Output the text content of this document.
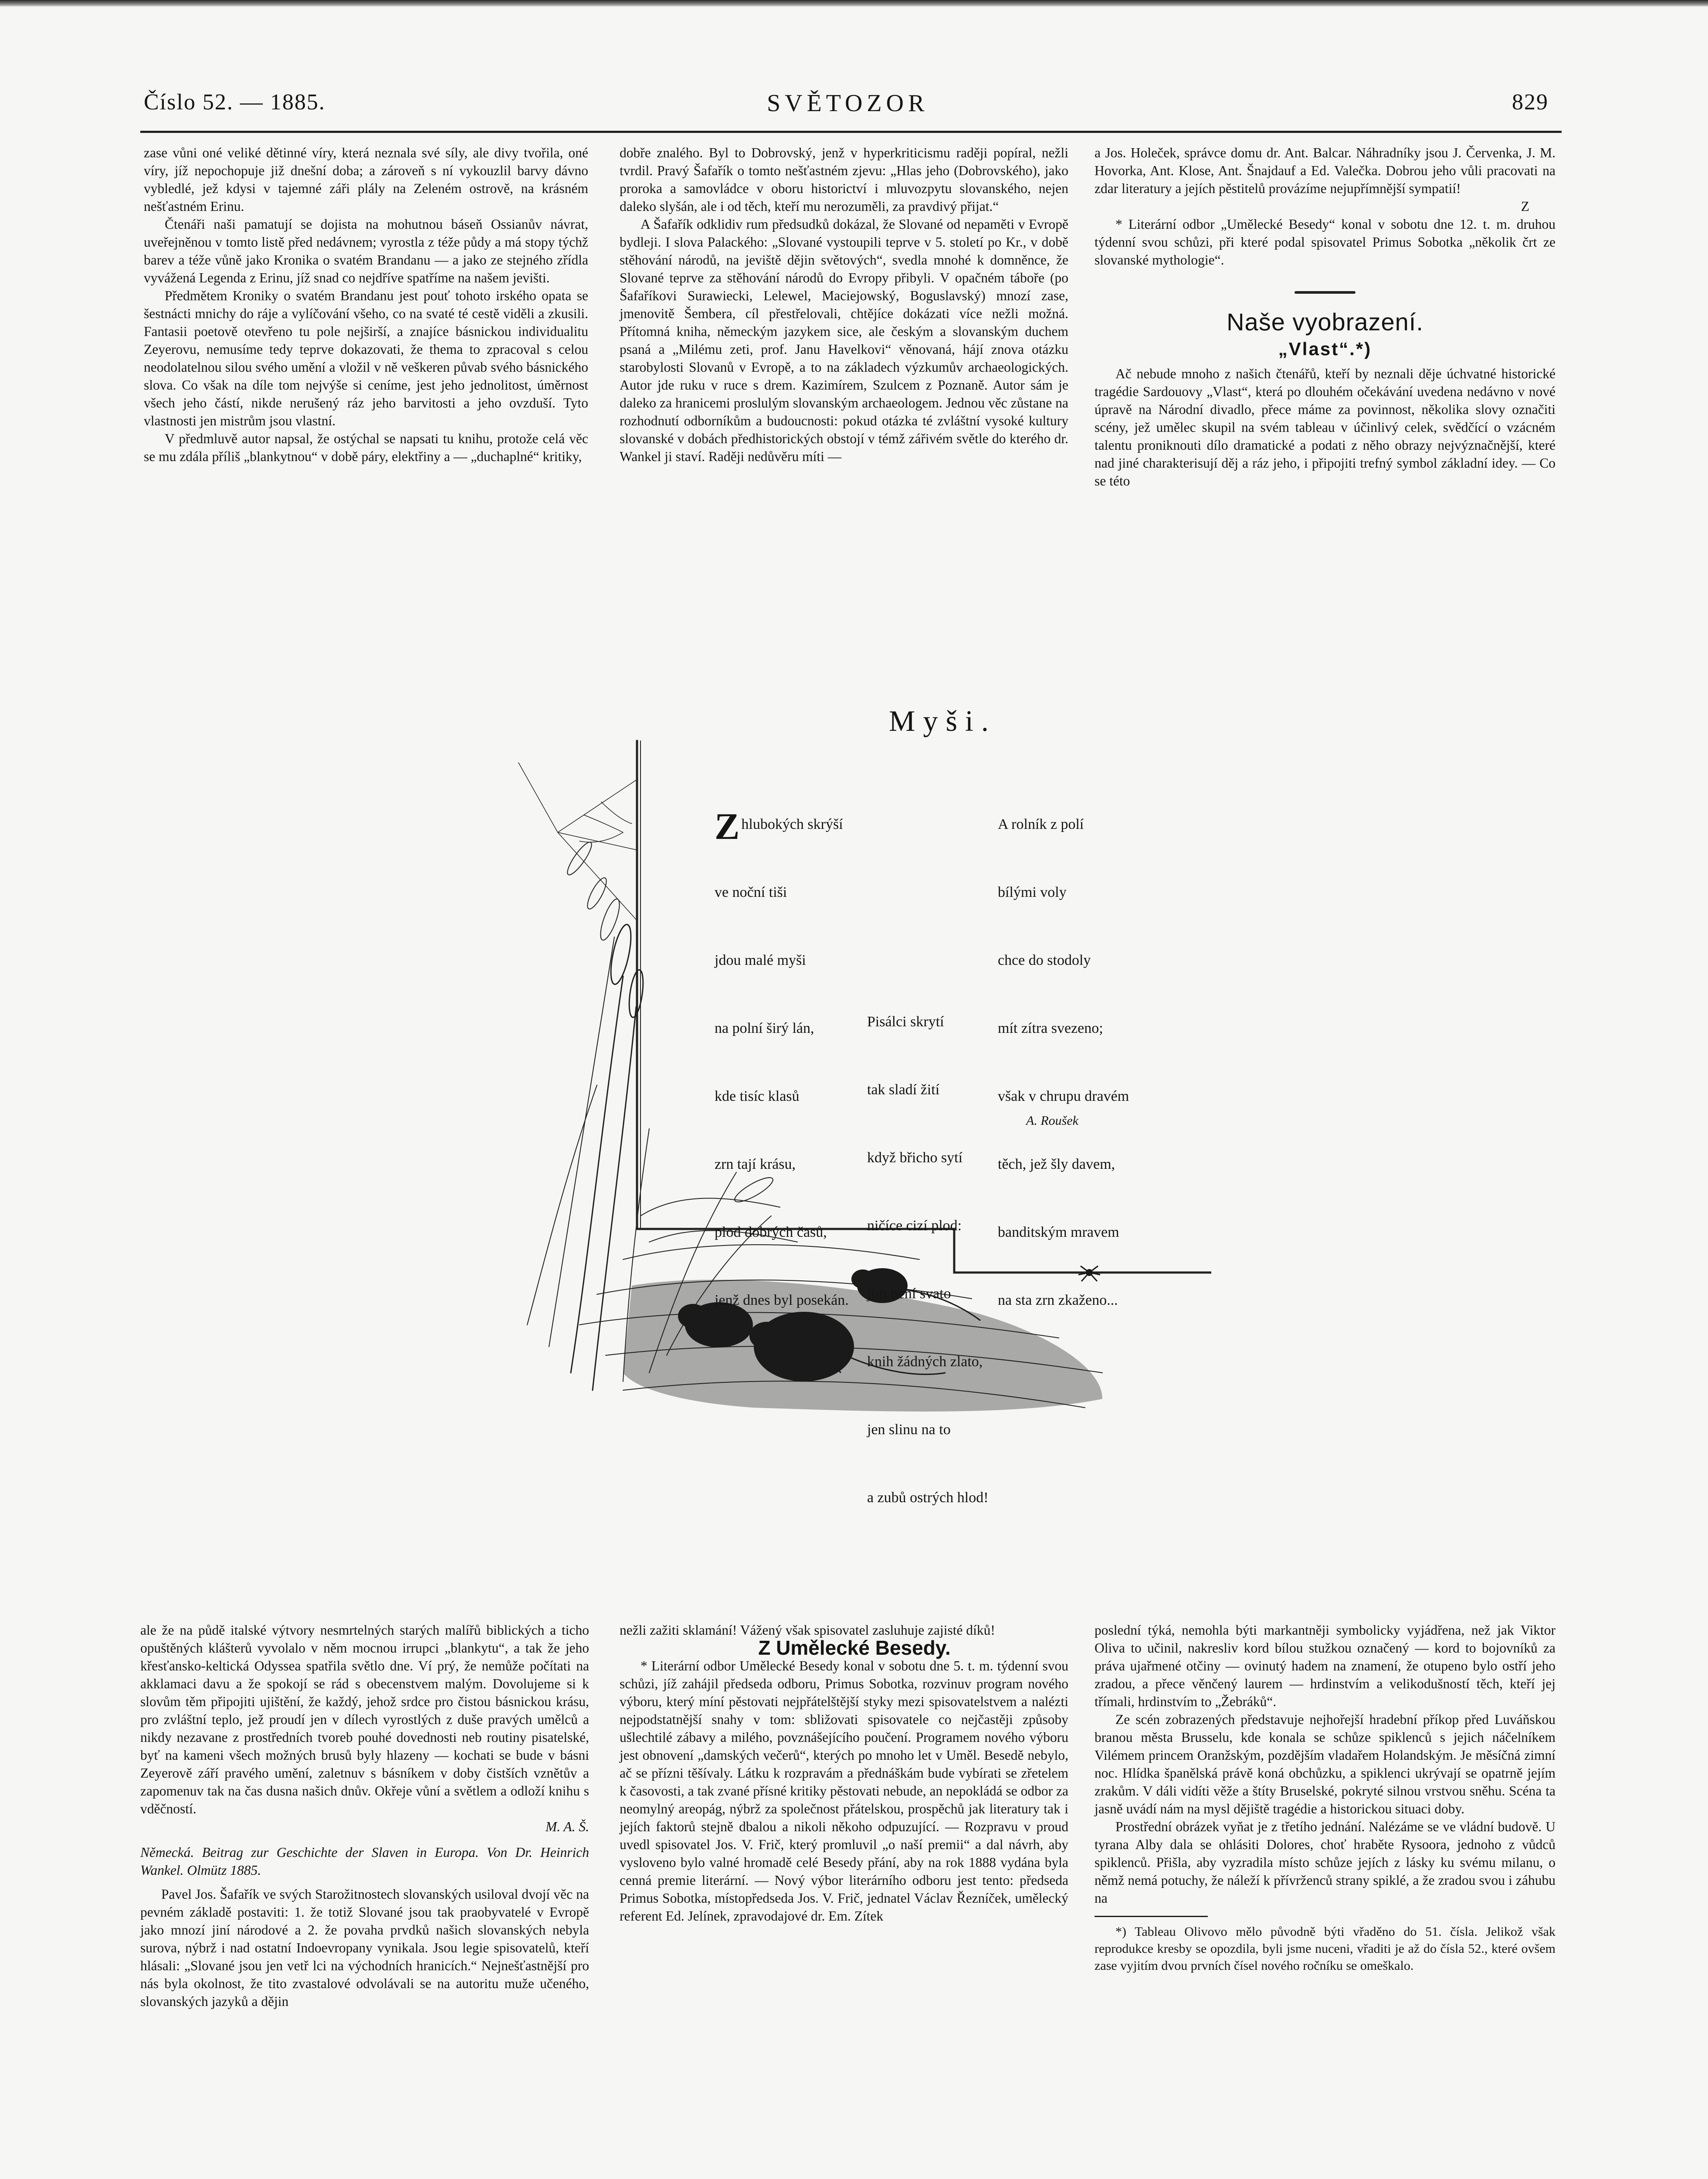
Číslo 52. — 1885.	SVĚTOZOR	829

zase vůni oné veliké dětinné víry, která neznala své síly, ale divy tvořila, oné víry, jíž nepochopuje již dnešní doba; a zároveň s ní vykouzlil barvy dávno vybledlé, jež kdysi v tajemné záři plály na Zeleném ostrově, na krásném nešťastném Erinu.

Čtenáři naši pamatují se dojista na mohutnou báseň Ossianův návrat, uveřejněnou v tomto listě před nedávnem; vyrostla z téže půdy a má stopy týchž barev a téže vůně jako Kronika o svatém Brandanu — a jako ze stejného zřídla vyvážená Legenda z Erinu, jíž snad co nejdříve spatříme na našem jevišti.

Předmětem Kroniky o svatém Brandanu jest pouť tohoto irského opata se šestnácti mnichy do ráje a vylíčování všeho, co na svaté té cestě viděli a zkusili. Fantasii poetově otevřeno tu pole nejširší, a znajíce básnickou individualitu Zeyerovu, nemusíme tedy teprve dokazovati, že thema to zpracoval s celou neodolatelnou silou svého umění a vložil v ně veškeren půvab svého básnického slova. Co však na díle tom nejvýše si ceníme, jest jeho jednolitost, úměrnost všech jeho částí, nikde nerušený ráz jeho barvitosti a jeho ovzduší. Tyto vlastnosti jen mistrům jsou vlastní.

V předmluvě autor napsal, že ostýchal se napsati tu knihu, protože celá věc se mu zdála příliš „blankytnou“ v době páry, elektřiny a — „duchaplné“ kritiky,

dobře znalého. Byl to Dobrovský, jenž v hyperkriticismu raději popíral, nežli tvrdil. Pravý Šafařík o tomto nešťastném zjevu: „Hlas jeho (Dobrovského), jako proroka a samovládce v oboru historictví i mluvozpytu slovanského, nejen daleko slyšán, ale i od těch, kteří mu nerozuměli, za pravdivý přijat.“

A Šafařík odklidiv rum předsudků dokázal, že Slované od nepaměti v Evropě bydleji. I slova Palackého: „Slované vystoupili teprve v 5. století po Kr., v době stěhování národů, na jeviště dějin světových“, svedla mnohé k domněnce, že Slované teprve za stěhování národů do Evropy přibyli. V opačném táboře (po Šafaříkovi Surawiecki, Lelewel, Maciejowský, Boguslavský) mnozí zase, jmenovitě Šembera, cíl přestřelovali, chtějíce dokázati více nežli možná. Přítomná kniha, německým jazykem sice, ale českým a slovanským duchem psaná a „Milému zeti, prof. Janu Havelkovi“ věnovaná, hájí znova otázku starobylosti Slovanů v Evropě, a to na základech výzkumův archaeologických. Autor jde ruku v ruce s drem. Kazimírem, Szulcem z Poznaně. Autor sám je daleko za hranicemi proslulým slovanským archaeologem. Jednou věc zůstane na rozhodnutí odborníkům a budoucnosti: pokud otázka té zvláštní vysoké kultury slovanské v dobách předhistorických obstojí v témž zářivém světle do kterého dr. Wankel ji staví. Raději nedůvěru míti —

a Jos. Holeček, správce domu dr. Ant. Balcar. Náhradníky jsou J. Červenka, J. M. Hovorka, Ant. Klose, Ant. Šnajdauf a Ed. Valečka. Dobrou jeho vůli pracovati na zdar literatury a jejích pěstitelů provázíme nejupřímnější sympatií!

Z

* Literární odbor „Umělecké Besedy“ konal v sobotu dne 12. t. m. druhou týdenní svou schůzi, při které podal spisovatel Primus Sobotka „několik črt ze slovanské mythologie“.

Naše vyobrazení.

„Vlast“.*)

Ač nebude mnoho z našich čtenářů, kteří by neznali děje úchvatné historické tragédie Sardouovy „Vlast“, která po dlouhém očekávání uvedena nedávno v nové úpravě na Národní divadlo, přece máme za povinnost, několika slovy označiti scény, jež umělec skupil na svém tableau v účinlivý celek, svědčící o vzácném talentu proniknouti dílo dramatické a podati z něho obrazy nejvýznačnější, které nad jiné charakterisují děj a ráz jeho, i připojiti trefný symbol základní idey. — Co se této

Myši.

Zhlubokých skrýší

ve noční tiši

jdou malé myši

na polní širý lán,

kde tisíc klasů

zrn tají krásu,

plod dobrých časů,

jenž dnes byl posekán.

A rolník z polí

bílými voly

chce do stodoly

mít zítra svezeno;

však v chrupu dravém

těch, jež šly davem,

banditským mravem

na sta zrn zkaženo...

Pisálci skrytí

tak sladí žití

když břicho sytí

ničíce cizí plod:

jim není svato

knih žádných zlato,

jen slinu na to

a zubů ostrých hlod!

A. Roušek

ale že na půdě italské výtvory nesmrtelných starých malířů biblických a ticho opuštěných klášterů vyvolalo v něm mocnou irrupci „blankytu“, a tak že jeho křesťansko-keltická Odyssea spatřila světlo dne. Ví prý, že nemůže počítati na akklamaci davu a že spokojí se rád s obecenstvem malým. Dovolujeme si k slovům těm připojiti ujištění, že každý, jehož srdce pro čistou básnickou krásu, pro zvláštní teplo, jež proudí jen v dílech vyrostlých z duše pravých umělců a nikdy nezavane z prostředních tvoreb pouhé dovednosti neb routiny pisatelské, byť na kameni všech možných brusů byly hlazeny — kochati se bude v básni Zeyerově září pravého umění, zaletnuv s básníkem v doby čistších vznětův a zapomenuv tak na čas dusna našich dnův. Okřeje vůní a světlem a odloží knihu s vděčností.

M. A. Š.

Německá. Beitrag zur Geschichte der Slaven in Europa. Von Dr. Heinrich Wankel. Olmütz 1885.

Pavel Jos. Šafařík ve svých Starožitnostech slovanských usiloval dvojí věc na pevném základě postaviti: 1. že totiž Slované jsou tak praobyvatelé v Evropě jako mnozí jiní národové a 2. že povaha prvdků našich slovanských nebyla surova, nýbrž i nad ostatní Indoevropany vynikala. Jsou legie spisovatelů, kteří hlásali: „Slované jsou jen vetř lci na východních hranicích.“ Nejnešťastnější pro nás byla okolnost, že tito zvastalové odvolávali se na autoritu muže učeného, slovanských jazyků a dějin

nežli zažiti sklamání! Vážený však spisovatel zasluhuje zajisté díků!

Z Umělecké Besedy.

* Literární odbor Umělecké Besedy konal v sobotu dne 5. t. m. týdenní svou schůzi, jíž zahájil předseda odboru, Primus Sobotka, rozvinuv program nového výboru, který míní pěstovati nejpřátelštější styky mezi spisovatelstvem a nalézti nejpodstatnější snahy v tom: sbližovati spisovatele co nejčastěji způsoby ušlechtilé zábavy a milého, povznášejícího poučení. Programem nového výboru jest obnovení „damských večerů“, kterých po mnoho let v Uměl. Besedě nebylo, ač se přízni těšívaly. Látku k rozpravám a přednáškám bude vybírati se zřetelem k časovosti, a tak zvané přísné kritiky pěstovati nebude, an nepokládá se odbor za neomylný areopág, nýbrž za společnost přátelskou, prospěchů jak literatury tak i jejích faktorů stejně dbalou a nikoli někoho odpuzující. — Rozpravu v proud uvedl spisovatel Jos. V. Frič, který promluvil „o naší premii“ a dal návrh, aby vysloveno bylo valné hromadě celé Besedy přání, aby na rok 1888 vydána byla cenná premie literární. — Nový výbor literárního odboru jest tento: předseda Primus Sobotka, místopředseda Jos. V. Frič, jednatel Václav Řezníček, umělecký referent Ed. Jelínek, zpravodajové dr. Em. Zítek

poslední týká, nemohla býti markantněji symbolicky vyjádřena, než jak Viktor Oliva to učinil, nakresliv kord bílou stužkou označený — kord to bojovníků za práva ujařmené otčiny — ovinutý hadem na znamení, že otupeno bylo ostří jeho zradou, a přece věnčený laurem — hrdinstvím a velikodušností těch, kteří jej třímali, hrdinstvím to „Žebráků“.

Ze scén zobrazených představuje nejhořejší hradební příkop před Luváňskou branou města Brusselu, kde konala se schůze spiklenců s jejich náčelníkem Vilémem princem Oranžským, pozdějším vladařem Holandským. Je měsíčná zimní noc. Hlídka španělská právě koná obchůzku, a spiklenci ukrývají se opatrně jejím zrakům. V dáli vidíti věže a štíty Bruselské, pokryté silnou vrstvou sněhu. Scéna ta jasně uvádí nám na mysl dějiště tragédie a historickou situaci doby.

Prostřední obrázek vyňat je z třetího jednání. Nalézáme se ve vládní budově. U tyrana Alby dala se ohlásiti Dolores, choť hraběte Rysoora, jednoho z vůdců spiklenců. Přišla, aby vyzradila místo schůze jejích z lásky ku svému milanu, o němž nemá potuchy, že náleží k přívrženců strany spiklé, a že zradou svou i záhubu na

*) Tableau Olivovo mělo původně býti vřaděno do 51. čísla. Jelikož však reprodukce kresby se opozdila, byli jsme nuceni, vřaditi je až do čísla 52., které ovšem zase vyjitím dvou prvních čísel nového ročníku se omeškalo.
